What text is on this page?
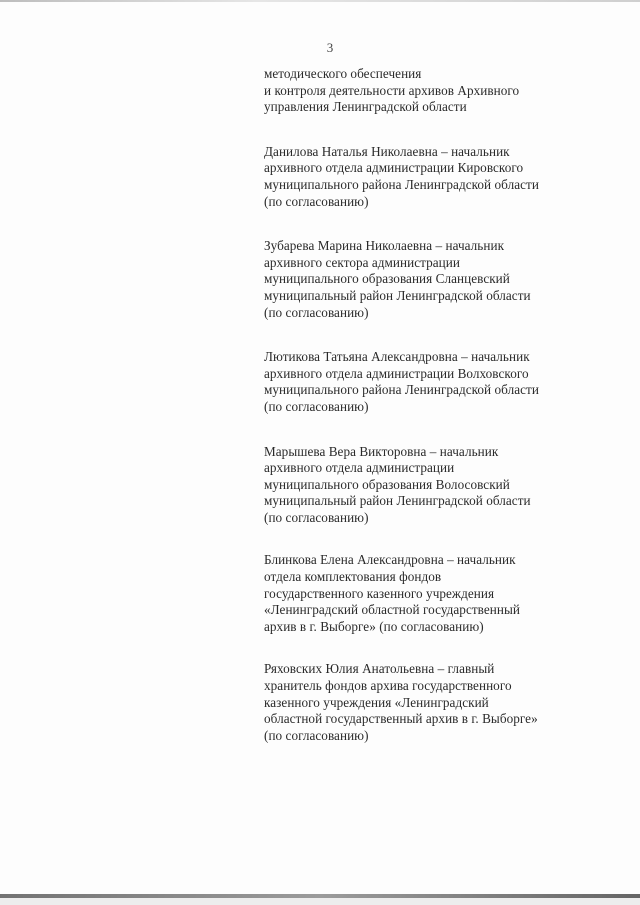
3

методического обеспечения

и контроля деятельности архивов Архивного

управления Ленинградской области

Данилова Наталья Николаевна – начальник

архивного отдела администрации Кировского

муниципального района Ленинградской области

(по согласованию)

Зубарева Марина Николаевна – начальник

архивного сектора администрации

муниципального образования Сланцевский

муниципальный район Ленинградской области

(по согласованию)

Лютикова Татьяна Александровна – начальник

архивного отдела администрации Волховского

муниципального района Ленинградской области

(по согласованию)

Марышева Вера Викторовна – начальник

архивного отдела администрации

муниципального образования Волосовский

муниципальный район Ленинградской области

(по согласованию)

Блинкова Елена Александровна – начальник

отдела комплектования фондов

государственного казенного учреждения

«Ленинградский областной государственный

архив в г. Выборге» (по согласованию)

Ряховских Юлия Анатольевна – главный

хранитель фондов архива государственного

казенного учреждения «Ленинградский

областной государственный архив в г. Выборге»

(по согласованию)
